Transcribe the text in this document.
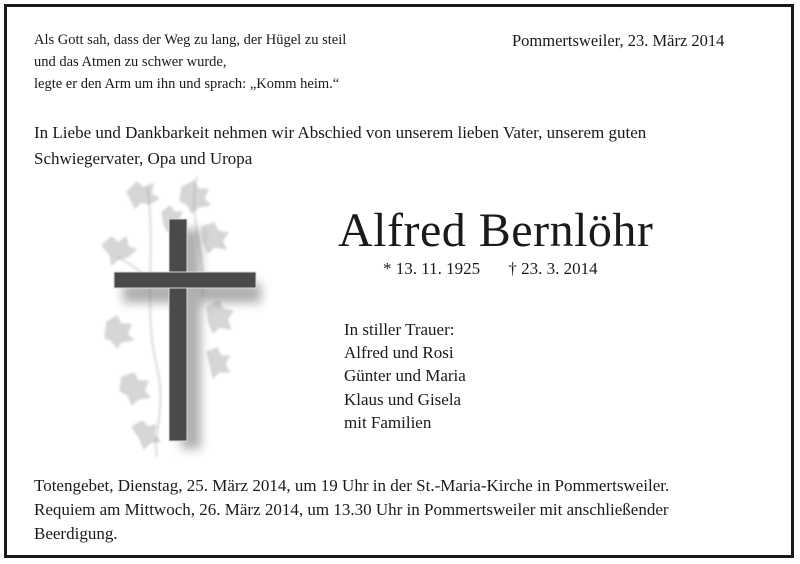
Als Gott sah, dass der Weg zu lang, der Hügel zu steil
und das Atmen zu schwer wurde,
legte er den Arm um ihn und sprach: „Komm heim.“
Pommertsweiler, 23. März 2014
In Liebe und Dankbarkeit nehmen wir Abschied von unserem lieben Vater, unserem guten Schwiegervater, Opa und Uropa
Alfred Bernlöhr
* 13. 11. 1925 † 23. 3. 2014
In stiller Trauer:
Alfred und Rosi
Günter und Maria
Klaus und Gisela
mit Familien
Totengebet, Dienstag, 25. März 2014, um 19 Uhr in der St.-Maria-Kirche in Pommertsweiler.
Requiem am Mittwoch, 26. März 2014, um 13.30 Uhr in Pommertsweiler mit anschließender
Beerdigung.
